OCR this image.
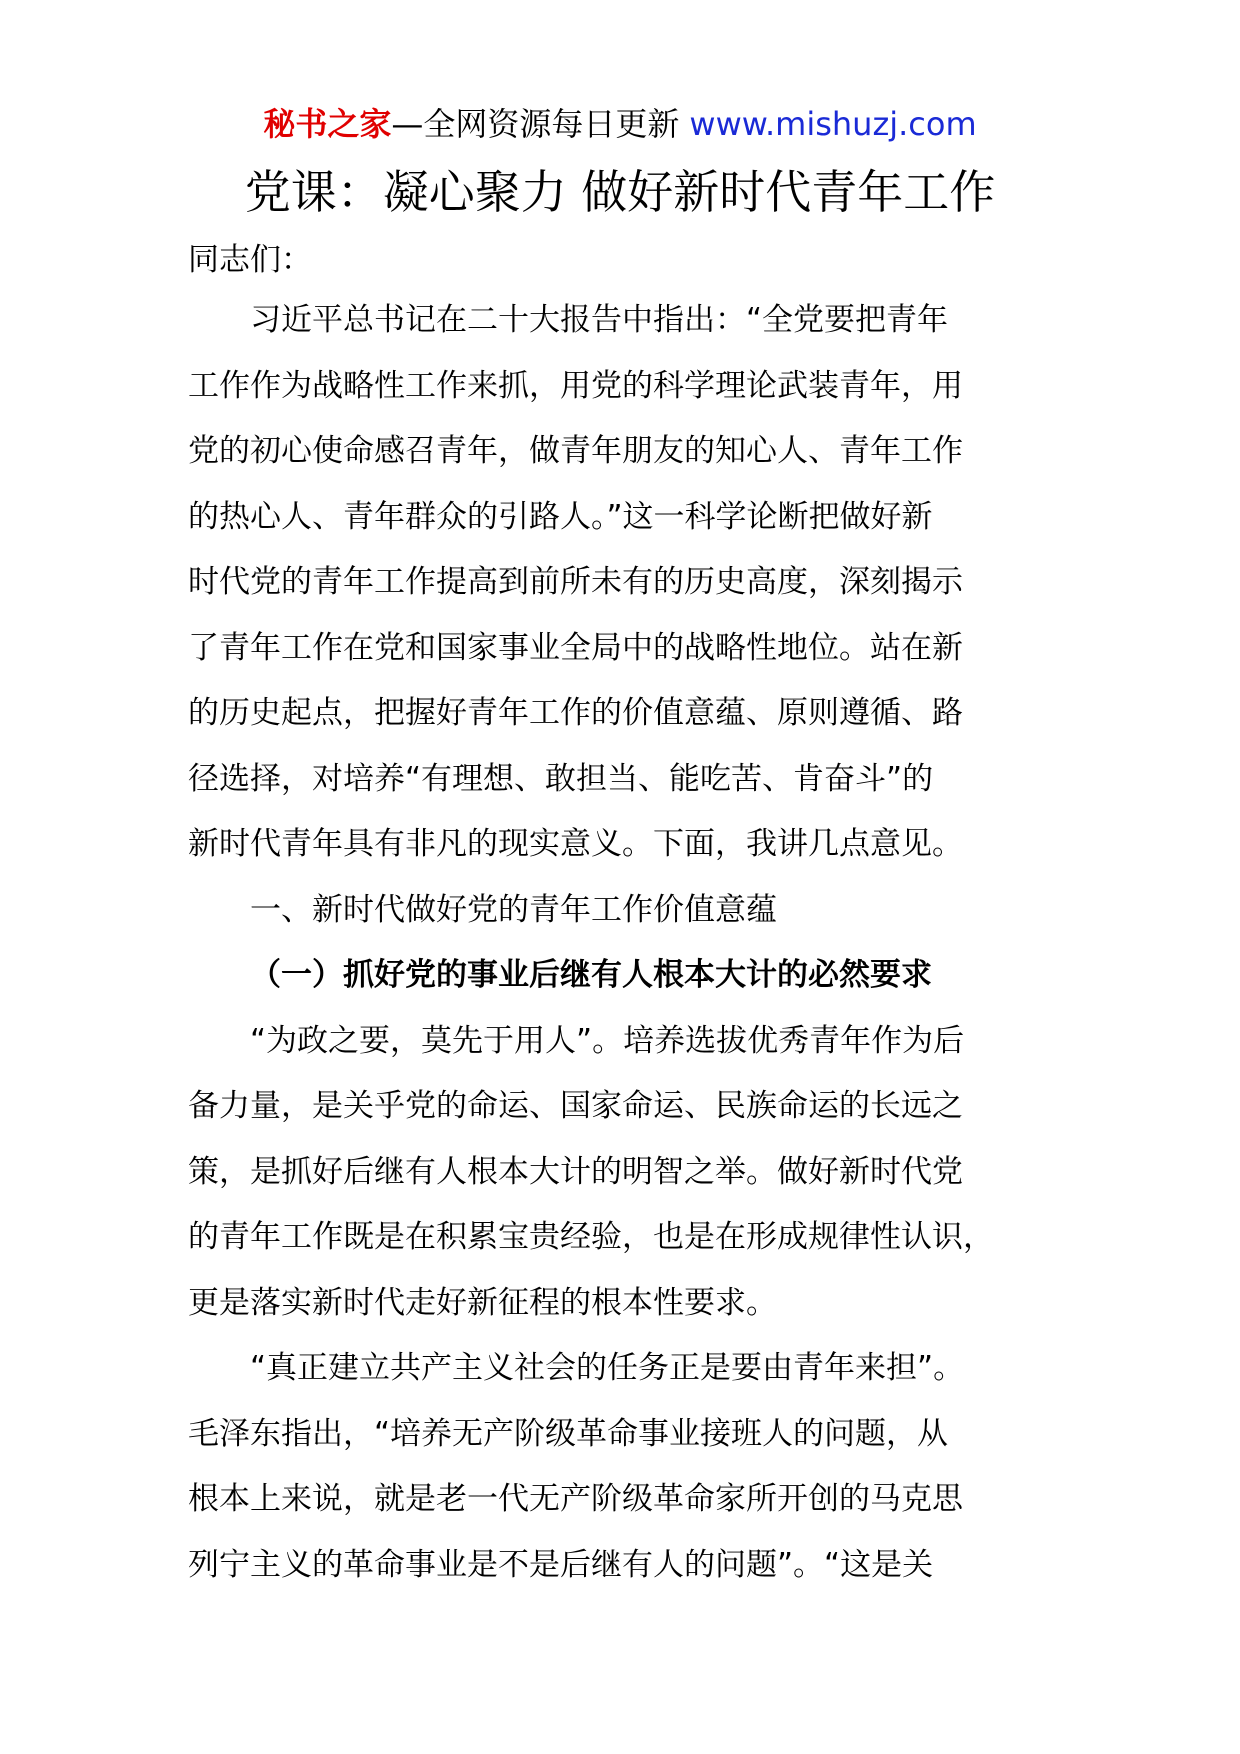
秘书之家—全网资源每日更新 www.mishuzj.com
党课：凝心聚力 做好新时代青年工作

同志们：

习近平总书记在二十大报告中指出：“全党要把青年

工作作为战略性工作来抓，用党的科学理论武装青年，用

党的初心使命感召青年，做青年朋友的知心人、青年工作

的热心人、青年群众的引路人。”这一科学论断把做好新

时代党的青年工作提高到前所未有的历史高度，深刻揭示

了青年工作在党和国家事业全局中的战略性地位。站在新

的历史起点，把握好青年工作的价值意蕴、原则遵循、路

径选择，对培养“有理想、敢担当、能吃苦、肯奋斗”的

新时代青年具有非凡的现实意义。下面，我讲几点意见。

一、新时代做好党的青年工作价值意蕴

（一）抓好党的事业后继有人根本大计的必然要求

“为政之要，莫先于用人”。培养选拔优秀青年作为后

备力量，是关乎党的命运、国家命运、民族命运的长远之

策，是抓好后继有人根本大计的明智之举。做好新时代党

的青年工作既是在积累宝贵经验，也是在形成规律性认识，

更是落实新时代走好新征程的根本性要求。

“真正建立共产主义社会的任务正是要由青年来担”。

毛泽东指出，“培养无产阶级革命事业接班人的问题，从

根本上来说，就是老一代无产阶级革命家所开创的马克思

列宁主义的革命事业是不是后继有人的问题”。“这是关
